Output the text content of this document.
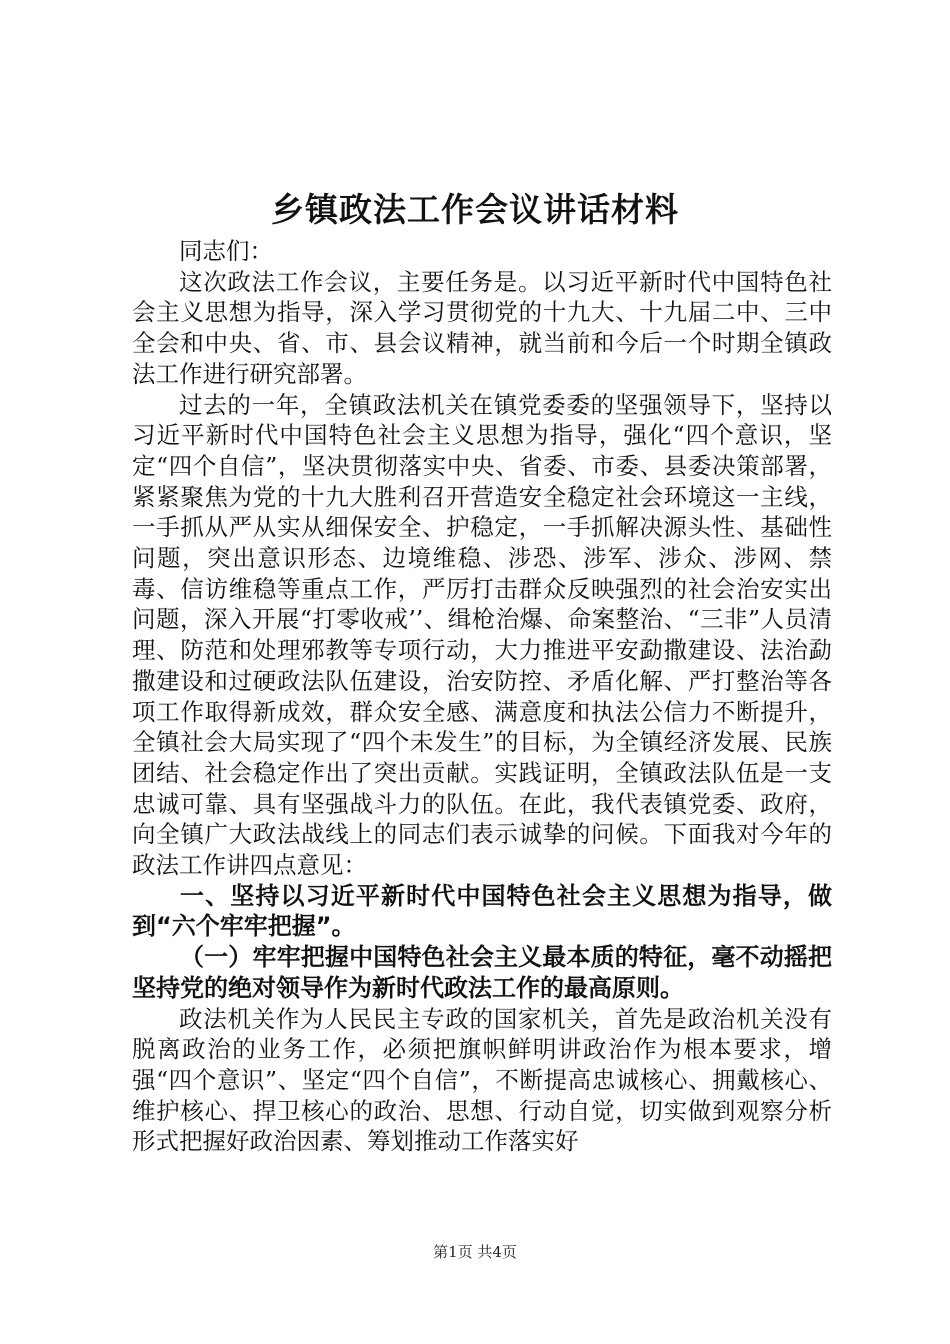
乡镇政法工作会议讲话材料

同志们：

这次政法工作会议，主要任务是。以习近平新时代中国特色社会主义思想为指导，深入学习贯彻党的十九大、十九届二中、三中全会和中央、省、市、县会议精神，就当前和今后一个时期全镇政法工作进行研究部署。

过去的一年，全镇政法机关在镇党委委的坚强领导下，坚持以习近平新时代中国特色社会主义思想为指导，强化“四个意识，坚定“四个自信”，坚决贯彻落实中央、省委、市委、县委决策部署，紧紧聚焦为党的十九大胜利召开营造安全稳定社会环境这一主线，一手抓从严从实从细保安全、护稳定，一手抓解决源头性、基础性问题，突出意识形态、边境维稳、涉恐、涉军、涉众、涉网、禁毒、信访维稳等重点工作，严厉打击群众反映强烈的社会治安实出问题，深入开展“打零收戒’’、缉枪治爆、命案整治、“三非”人员清理、防范和处理邪教等专项行动，大力推进平安勐撒建设、法治勐撒建设和过硬政法队伍建设，治安防控、矛盾化解、严打整治等各项工作取得新成效，群众安全感、满意度和执法公信力不断提升，全镇社会大局实现了“四个未发生”的目标，为全镇经济发展、民族团结、社会稳定作出了突出贡献。实践证明，全镇政法队伍是一支忠诚可靠、具有坚强战斗力的队伍。在此，我代表镇党委、政府，向全镇广大政法战线上的同志们表示诚挚的问候。下面我对今年的政法工作讲四点意见：

一、坚持以习近平新时代中国特色社会主义思想为指导，做到“六个牢牢把握”。

（一）牢牢把握中国特色社会主义最本质的特征，毫不动摇把坚持党的绝对领导作为新时代政法工作的最高原则。

政法机关作为人民民主专政的国家机关，首先是政治机关没有脱离政治的业务工作，必须把旗帜鲜明讲政治作为根本要求，增强“四个意识”、坚定“四个自信”，不断提高忠诚核心、拥戴核心、维护核心、捍卫核心的政治、思想、行动自觉，切实做到观察分析形式把握好政治因素、筹划推动工作落实好

第1页 共4页
